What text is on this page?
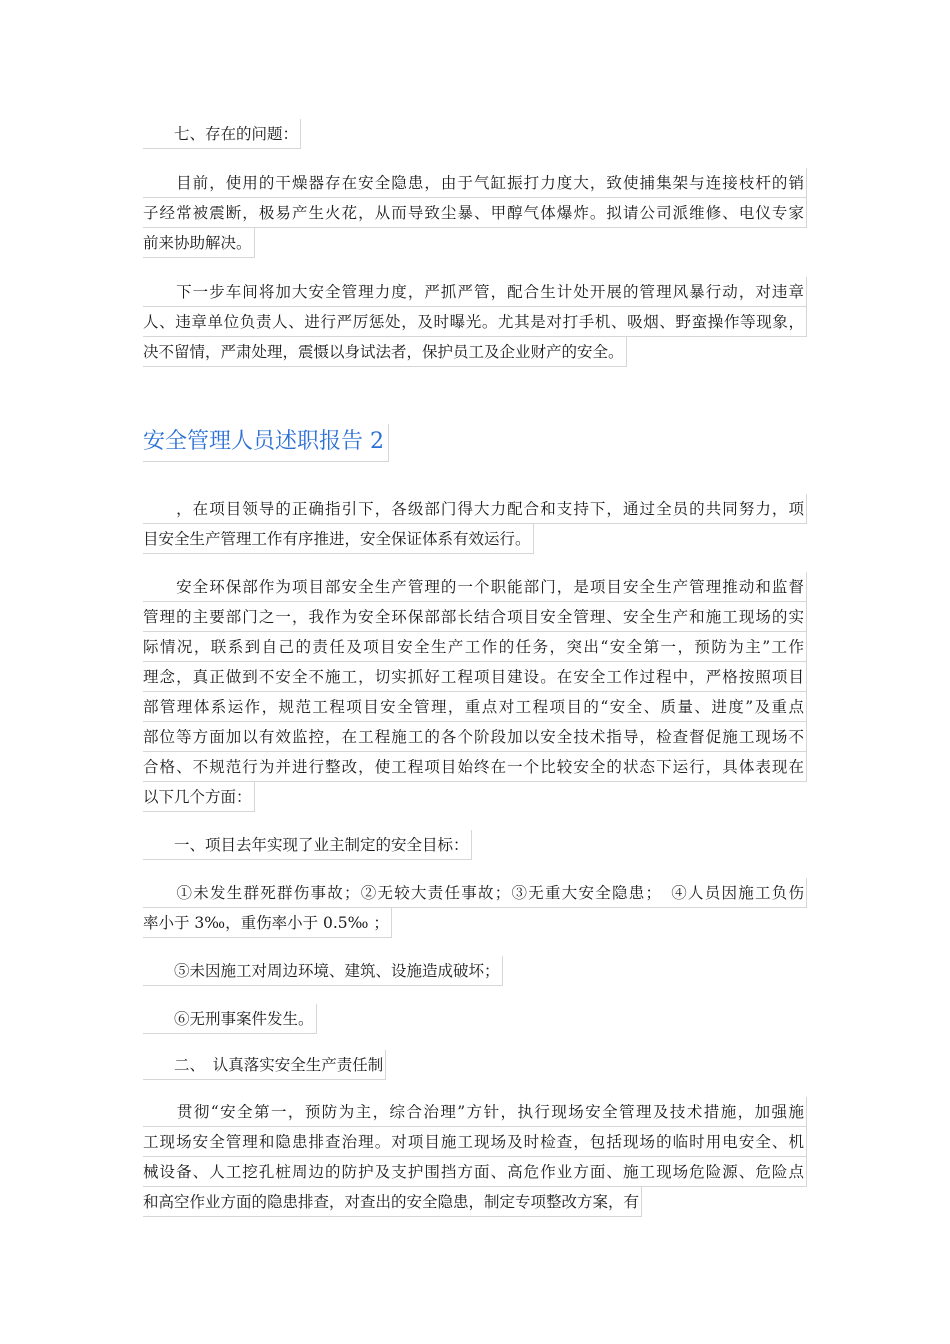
　　七、存在的问题：
　　目前，使用的干燥器存在安全隐患，由于气缸振打力度大，致使捕集架与连接枝杆的销
子经常被震断，极易产生火花，从而导致尘暴、甲醇气体爆炸。拟请公司派维修、电仪专家
前来协助解决。
　　下一步车间将加大安全管理力度，严抓严管，配合生计处开展的管理风暴行动，对违章
人、违章单位负责人、进行严厉惩处，及时曝光。尤其是对打手机、吸烟、野蛮操作等现象，
决不留情，严肃处理，震慑以身试法者，保护员工及企业财产的安全。
安全管理人员述职报告 2
　　，在项目领导的正确指引下，各级部门得大力配合和支持下，通过全员的共同努力，项
目安全生产管理工作有序推进，安全保证体系有效运行。
　　安全环保部作为项目部安全生产管理的一个职能部门，是项目安全生产管理推动和监督
管理的主要部门之一，我作为安全环保部部长结合项目安全管理、安全生产和施工现场的实
际情况，联系到自己的责任及项目安全生产工作的任务，突出“安全第一，预防为主”工作
理念，真正做到不安全不施工，切实抓好工程项目建设。在安全工作过程中，严格按照项目
部管理体系运作，规范工程项目安全管理，重点对工程项目的“安全、质量、进度”及重点
部位等方面加以有效监控，在工程施工的各个阶段加以安全技术指导，检查督促施工现场不
合格、不规范行为并进行整改，使工程项目始终在一个比较安全的状态下运行，具体表现在
以下几个方面：
　　一、项目去年实现了业主制定的安全目标：
　　①未发生群死群伤事故；②无较大责任事故；③无重大安全隐患；　④人员因施工负伤
率小于 3‰，重伤率小于 0.5‰ ；
　　⑤未因施工对周边环境、建筑、设施造成破坏；
　　⑥无刑事案件发生。
　　二、　认真落实安全生产责任制
　　贯彻“安全第一，预防为主，综合治理”方针，执行现场安全管理及技术措施，加强施
工现场安全管理和隐患排查治理。对项目施工现场及时检查，包括现场的临时用电安全、机
械设备、人工挖孔桩周边的防护及支护围挡方面、高危作业方面、施工现场危险源、危险点
和高空作业方面的隐患排查，对查出的安全隐患，制定专项整改方案，有
